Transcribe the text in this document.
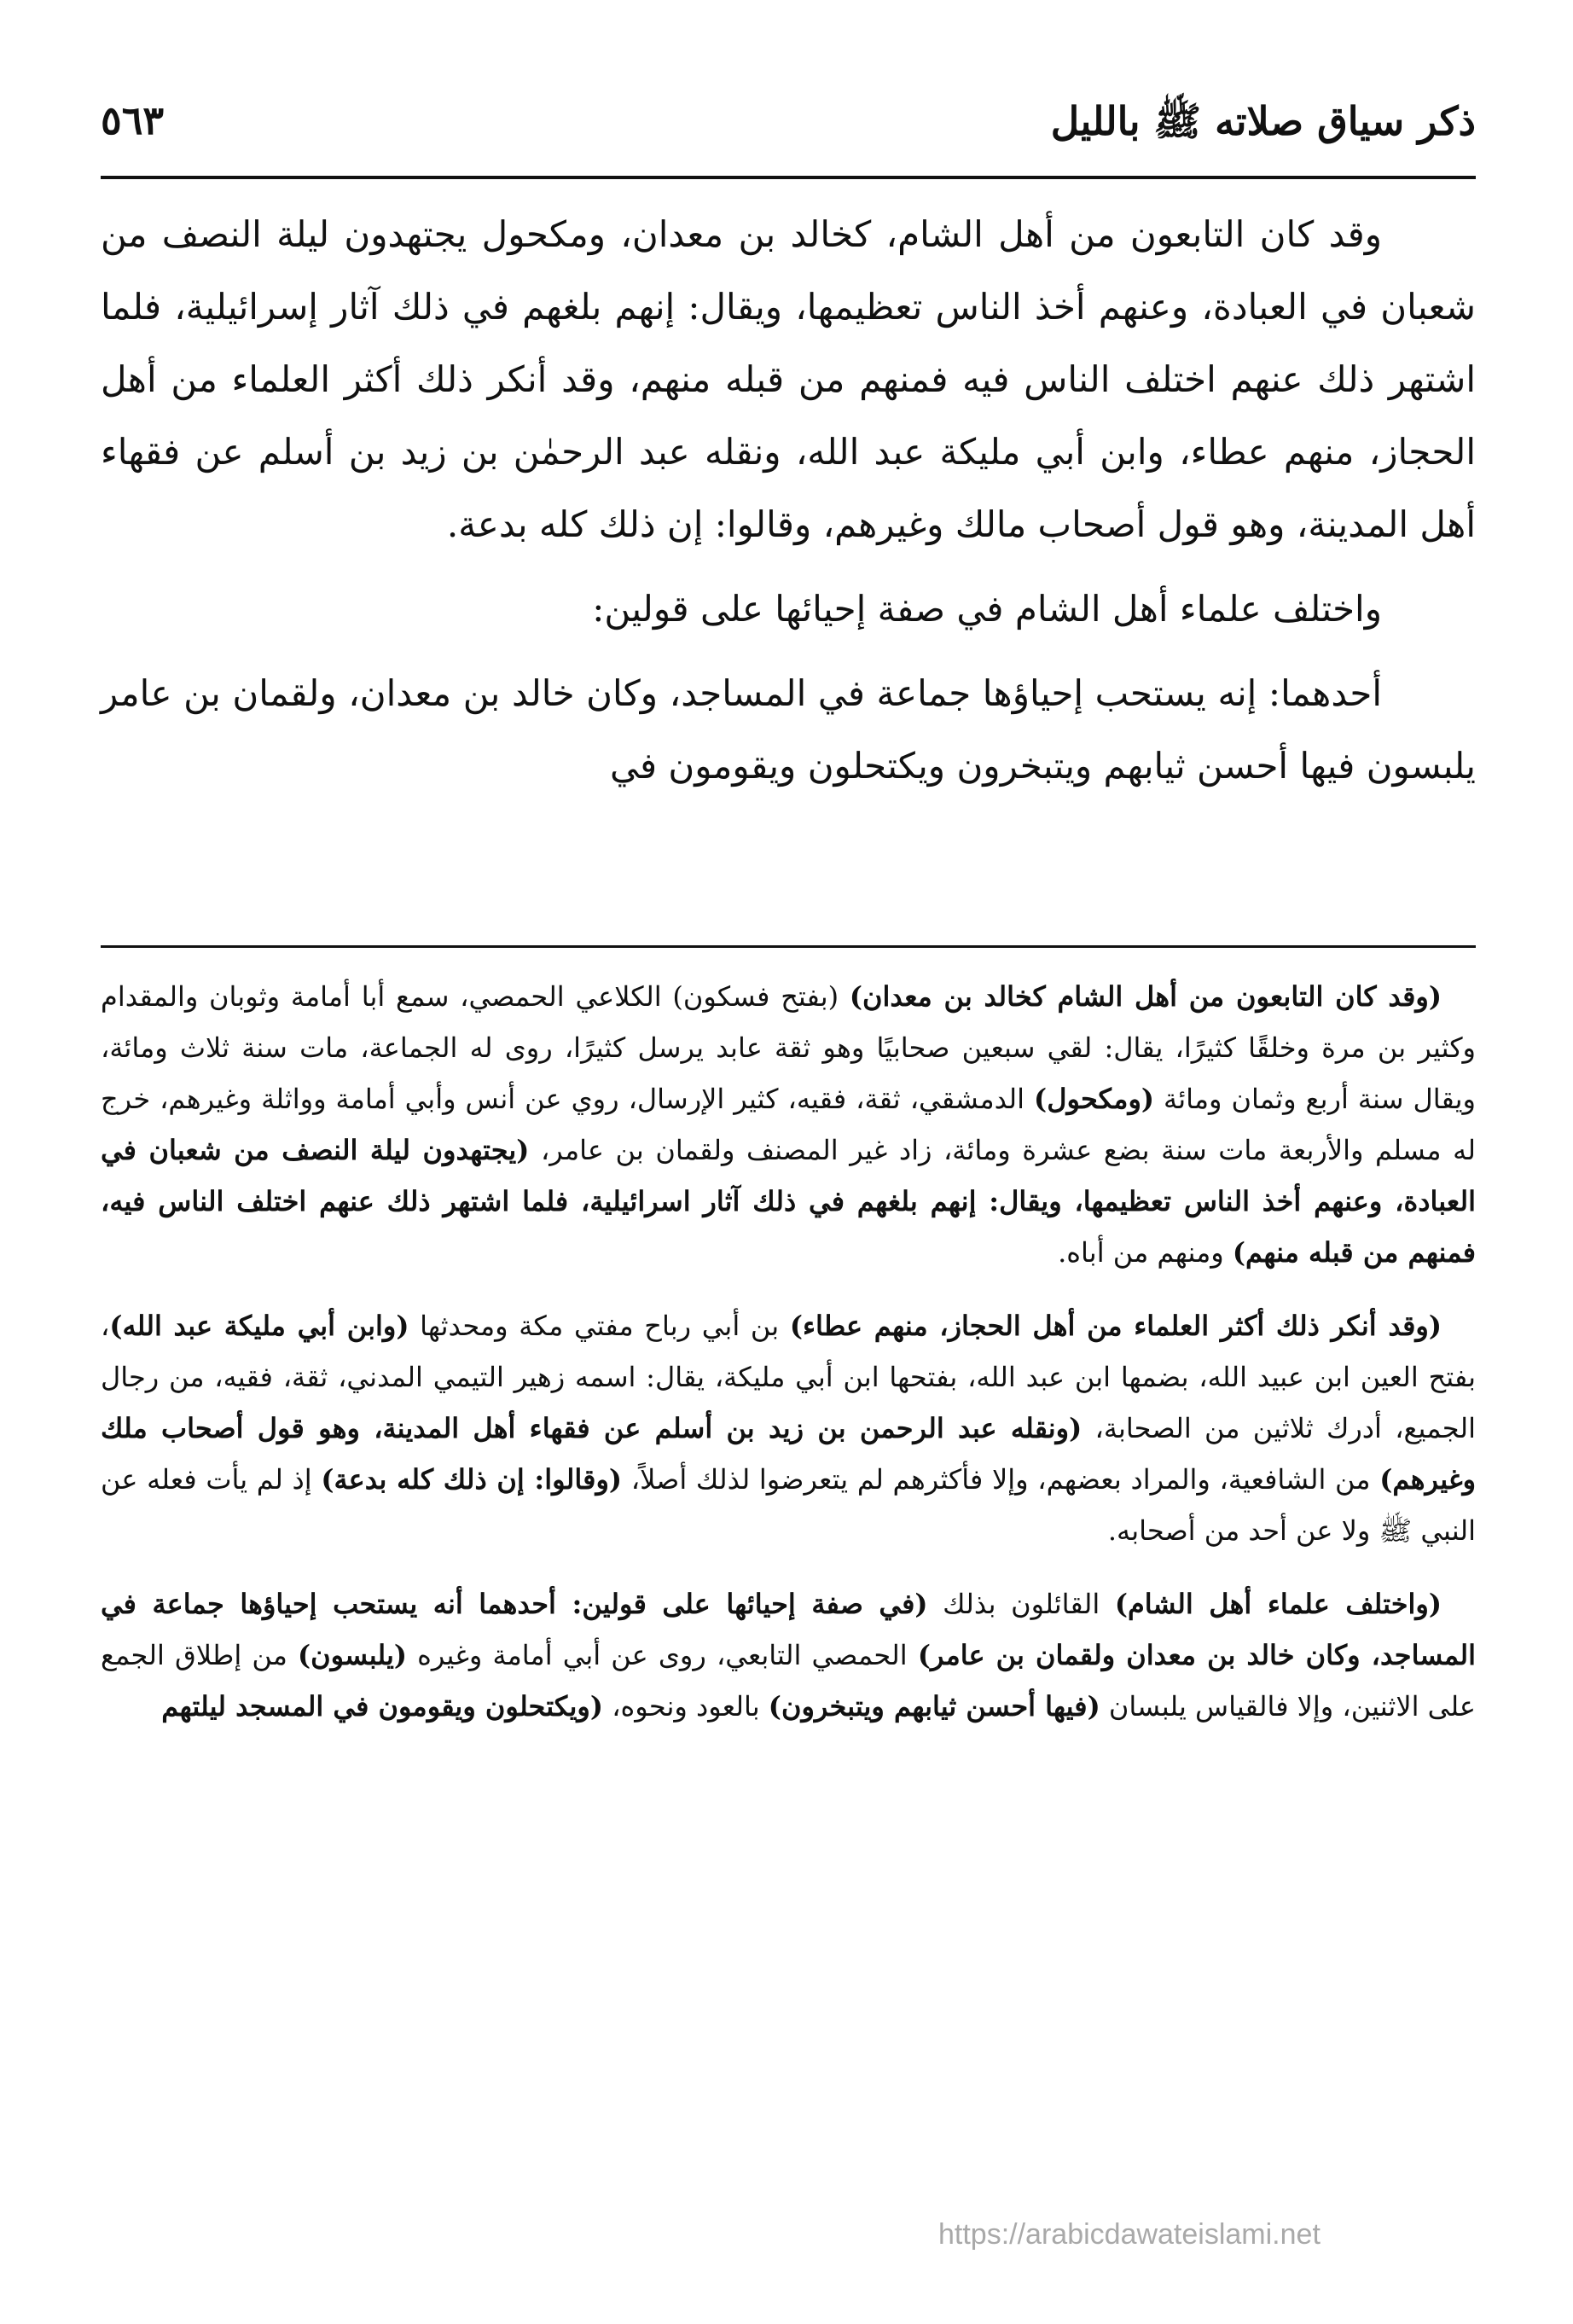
ذكر سياق صلاته ﷺ بالليل
٥٦٣

وقد كان التابعون من أهل الشام، كخالد بن معدان، ومكحول يجتهدون ليلة النصف من شعبان في العبادة، وعنهم أخذ الناس تعظيمها، ويقال: إنهم بلغهم في ذلك آثار إسرائيلية، فلما اشتهر ذلك عنهم اختلف الناس فيه فمنهم من قبله منهم، وقد أنكر ذلك أكثر العلماء من أهل الحجاز، منهم عطاء، وابن أبي مليكة عبد الله، ونقله عبد الرحمٰن بن زيد بن أسلم عن فقهاء أهل المدينة، وهو قول أصحاب مالك وغيرهم، وقالوا: إن ذلك كله بدعة.

واختلف علماء أهل الشام في صفة إحيائها على قولين:

أحدهما: إنه يستحب إحياؤها جماعة في المساجد، وكان خالد بن معدان، ولقمان بن عامر يلبسون فيها أحسن ثيابهم ويتبخرون ويكتحلون ويقومون في

(وقد كان التابعون من أهل الشام كخالد بن معدان) (بفتح فسكون) الكلاعي الحمصي، سمع أبا أمامة وثوبان والمقدام وكثير بن مرة وخلقًا كثيرًا، يقال: لقي سبعين صحابيًا وهو ثقة عابد يرسل كثيرًا، روى له الجماعة، مات سنة ثلاث ومائة، ويقال سنة أربع وثمان ومائة (ومكحول) الدمشقي، ثقة، فقيه، كثير الإرسال، روي عن أنس وأبي أمامة وواثلة وغيرهم، خرج له مسلم والأربعة مات سنة بضع عشرة ومائة، زاد غير المصنف ولقمان بن عامر، (يجتهدون ليلة النصف من شعبان في العبادة، وعنهم أخذ الناس تعظيمها، ويقال: إنهم بلغهم في ذلك آثار اسرائيلية، فلما اشتهر ذلك عنهم اختلف الناس فيه، فمنهم من قبله منهم) ومنهم من أباه.

(وقد أنكر ذلك أكثر العلماء من أهل الحجاز، منهم عطاء) بن أبي رباح مفتي مكة ومحدثها (وابن أبي مليكة عبد الله)، بفتح العين ابن عبيد الله، بضمها ابن عبد الله، بفتحها ابن أبي مليكة، يقال: اسمه زهير التيمي المدني، ثقة، فقيه، من رجال الجميع، أدرك ثلاثين من الصحابة، (ونقله عبد الرحمن بن زيد بن أسلم عن فقهاء أهل المدينة، وهو قول أصحاب ملك وغيرهم) من الشافعية، والمراد بعضهم، وإلا فأكثرهم لم يتعرضوا لذلك أصلاً، (وقالوا: إن ذلك كله بدعة) إذ لم يأت فعله عن النبي ﷺ ولا عن أحد من أصحابه.

(واختلف علماء أهل الشام) القائلون بذلك (في صفة إحيائها على قولين: أحدهما أنه يستحب إحياؤها جماعة في المساجد، وكان خالد بن معدان ولقمان بن عامر) الحمصي التابعي، روى عن أبي أمامة وغيره (يلبسون) من إطلاق الجمع على الاثنين، وإلا فالقياس يلبسان (فيها أحسن ثيابهم ويتبخرون) بالعود ونحوه، (ويكتحلون ويقومون في المسجد ليلتهم

https://arabicdawateislami.net
